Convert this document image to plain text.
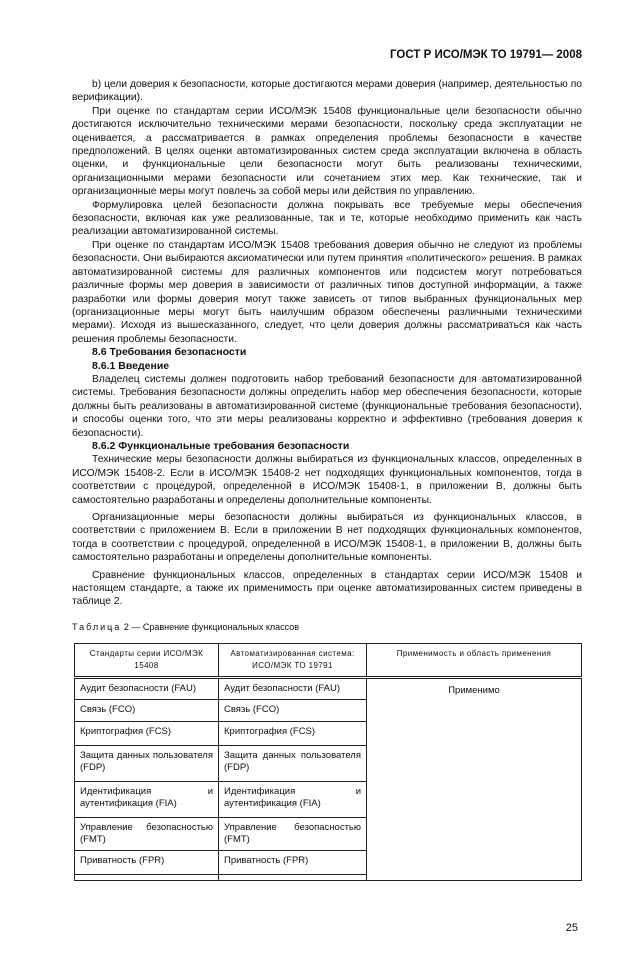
ГОСТ Р ИСО/МЭК ТО 19791— 2008

b) цели доверия к безопасности, которые достигаются мерами доверия (например, деятельностью по верификации).

При оценке по стандартам серии ИСО/МЭК 15408 функциональные цели безопасности обычно достигаются исключительно техническими мерами безопасности, поскольку среда эксплуатации не оценивается, а рассматривается в рамках определения проблемы безопасности в качестве предположений. В целях оценки автоматизированных систем среда эксплуатации включена в область оценки, и функциональные цели безопасности могут быть реализованы техническими, организационными мерами безопасности или сочетанием этих мер. Как технические, так и организационные меры могут повлечь за собой меры или действия по управлению.

Формулировка целей безопасности должна покрывать все требуемые меры обеспечения безопасности, включая как уже реализованные, так и те, которые необходимо применить как часть реализации автоматизированной системы.

При оценке по стандартам ИСО/МЭК 15408 требования доверия обычно не следуют из проблемы безопасности. Они выбираются аксиоматически или путем принятия «политического» решения. В рамках автоматизированной системы для различных компонентов или подсистем могут потребоваться различные формы мер доверия в зависимости от различных типов доступной информации, а также разработки или формы доверия могут также зависеть от типов выбранных функциональных мер (организационные меры могут быть наилучшим образом обеспечены различными техническими мерами). Исходя из вышесказанного, следует, что цели доверия должны рассматриваться как часть решения проблемы безопасности.

8.6 Требования безопасности
8.6.1 Введение

Владелец системы должен подготовить набор требований безопасности для автоматизированной системы. Требования безопасности должны определить набор мер обеспечения безопасности, которые должны быть реализованы в автоматизированной системе (функциональные требования безопасности), и способы оценки того, что эти меры реализованы корректно и эффективно (требования доверия к безопасности).

8.6.2 Функциональные требования безопасности

Технические меры безопасности должны выбираться из функциональных классов, определенных в ИСО/МЭК 15408-2. Если в ИСО/МЭК 15408-2 нет подходящих функциональных компонентов, тогда в соответствии с процедурой, определенной в ИСО/МЭК 15408-1, в приложении В, должны быть самостоятельно разработаны и определены дополнительные компоненты.

Организационные меры безопасности должны выбираться из функциональных классов, в соответствии с приложением В. Если в приложении В нет подходящих функциональных компонентов, тогда в соответствии с процедурой, определенной в ИСО/МЭК 15408-1, в приложении В, должны быть самостоятельно разработаны и определены дополнительные компоненты.

Сравнение функциональных классов, определенных в стандартах серии ИСО/МЭК 15408 и настоящем стандарте, а также их применимость при оценке автоматизированных систем приведены в таблице 2.

Таблица 2 — Сравнение функциональных классов
Стандарты серии ИСО/МЭК 15408	Автоматизированная система: ИСО/МЭК ТО 19791	Применимость и область применения
Аудит безопасности (FAU)	Аудит безопасности (FAU)	Применимо
Связь (FCO)	Связь (FCO)	
Криптография (FCS)	Криптография (FCS)	
Защита данных пользователя (FDP)	Защита данных пользователя (FDP)	
Идентификация и аутентификация (FIA)	Идентификация и аутентификация (FIA)	
Управление безопасностью (FMT)	Управление безопасностью (FMT)	
Приватность (FPR)	Приватность (FPR)	

25
